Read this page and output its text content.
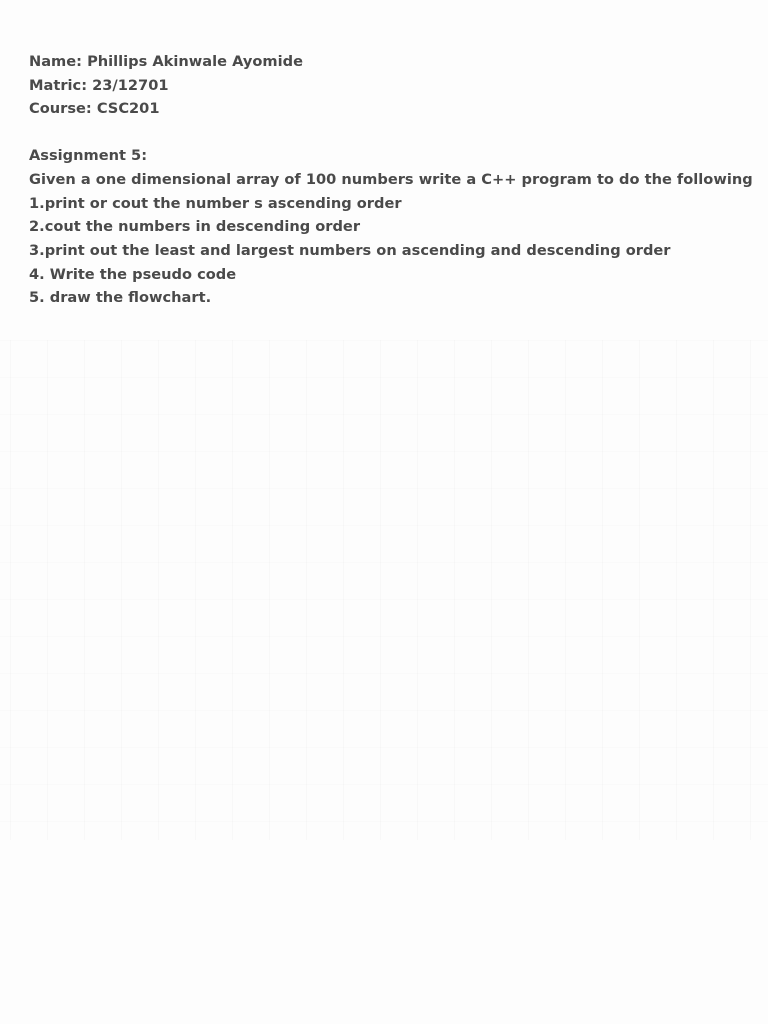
Name: Phillips Akinwale Ayomide
Matric: 23/12701
Course: CSC201
Assignment 5:
Given a one dimensional array of 100 numbers write a C++ program to do the following
1.print or cout the number s ascending order
2.cout the numbers in descending order
3.print out the least and largest numbers on ascending and descending order
4. Write the pseudo code
5. draw the flowchart.
